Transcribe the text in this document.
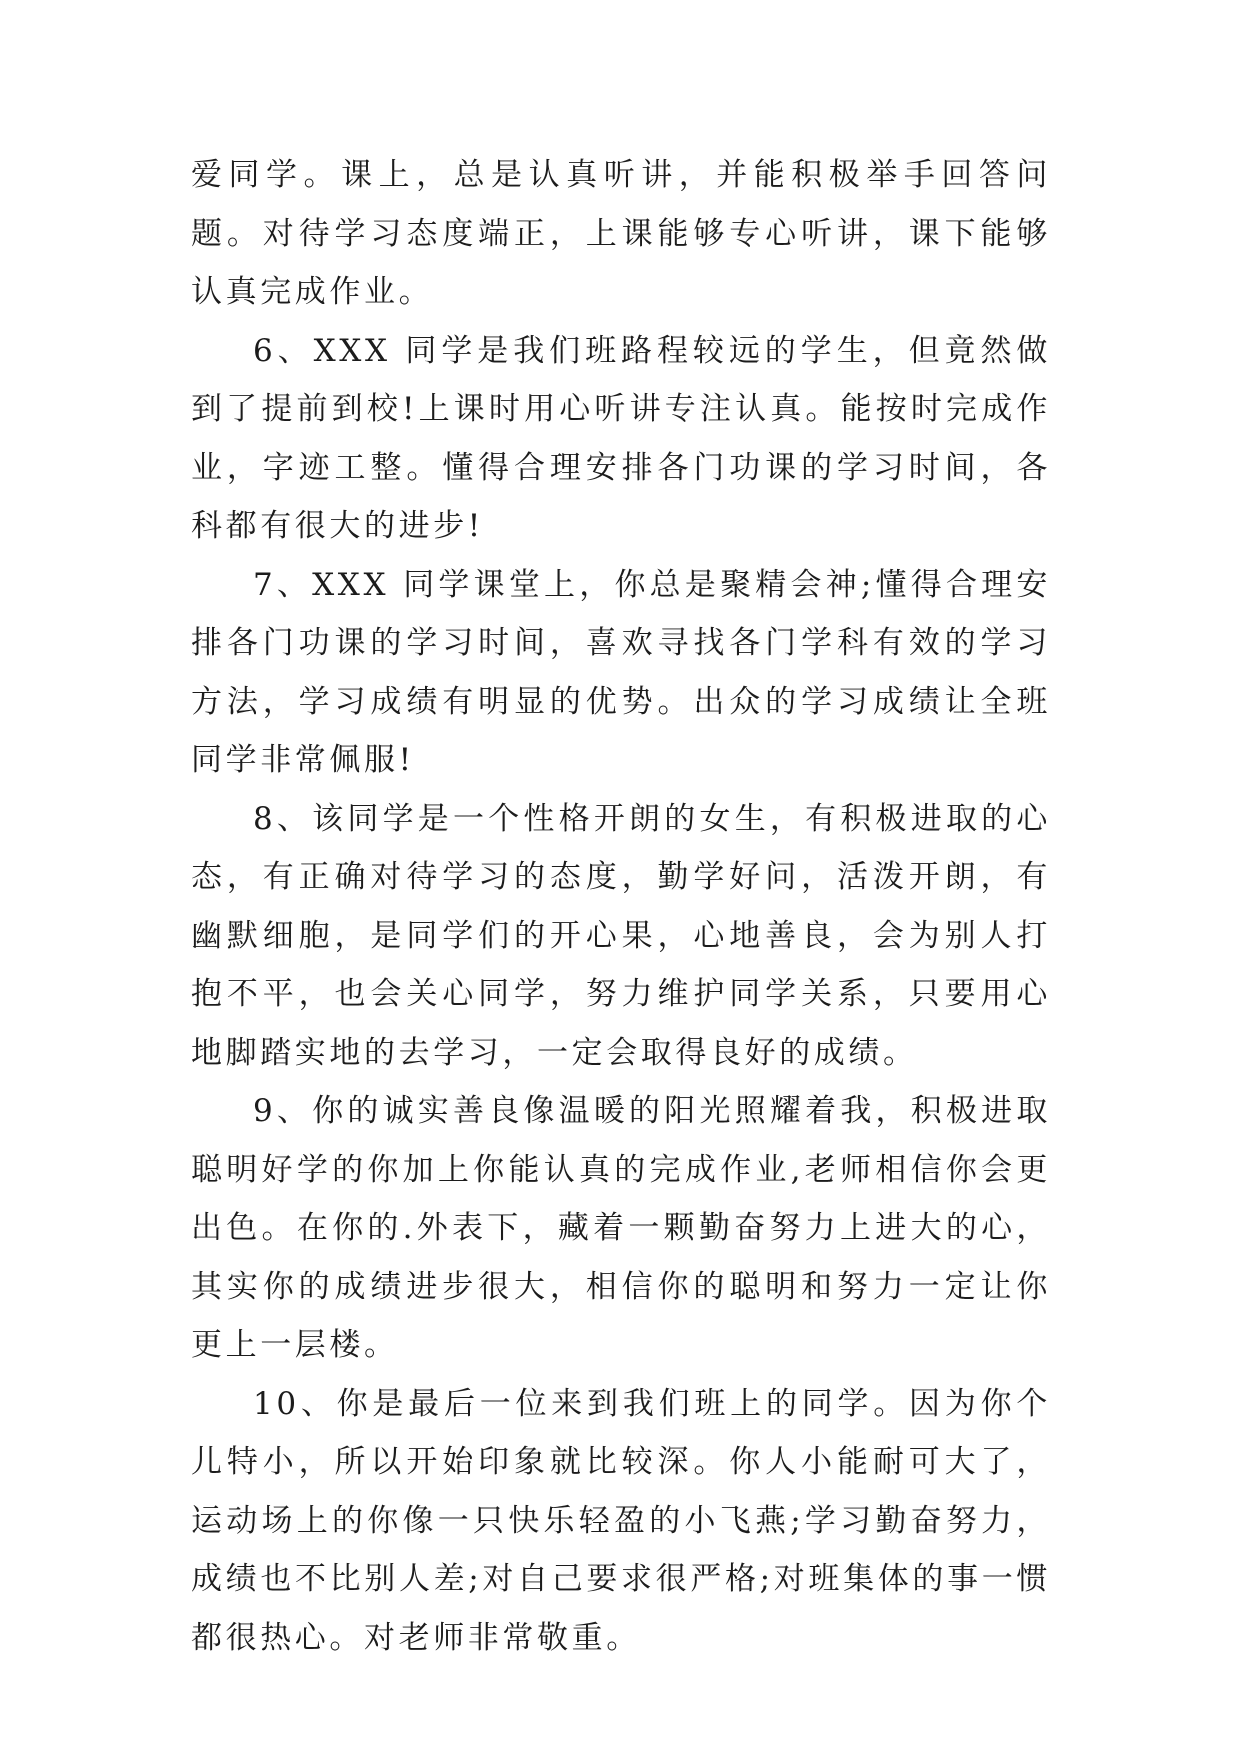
爱同学。课上，总是认真听讲，并能积极举手回答问题。对待学习态度端正，上课能够专心听讲，课下能够认真完成作业。

6、XXX 同学是我们班路程较远的学生，但竟然做到了提前到校!上课时用心听讲专注认真。能按时完成作业，字迹工整。懂得合理安排各门功课的学习时间，各科都有很大的进步!

7、XXX 同学课堂上，你总是聚精会神;懂得合理安排各门功课的学习时间，喜欢寻找各门学科有效的学习方法，学习成绩有明显的优势。出众的学习成绩让全班同学非常佩服!

8、该同学是一个性格开朗的女生，有积极进取的心态，有正确对待学习的态度，勤学好问，活泼开朗，有幽默细胞，是同学们的开心果，心地善良，会为别人打抱不平，也会关心同学，努力维护同学关系，只要用心地脚踏实地的去学习，一定会取得良好的成绩。

9、你的诚实善良像温暖的阳光照耀着我，积极进取聪明好学的你加上你能认真的完成作业,老师相信你会更出色。在你的.外表下，藏着一颗勤奋努力上进大的心，其实你的成绩进步很大，相信你的聪明和努力一定让你更上一层楼。

10、你是最后一位来到我们班上的同学。因为你个儿特小，所以开始印象就比较深。你人小能耐可大了，运动场上的你像一只快乐轻盈的小飞燕;学习勤奋努力，成绩也不比别人差;对自己要求很严格;对班集体的事一惯都很热心。对老师非常敬重。
